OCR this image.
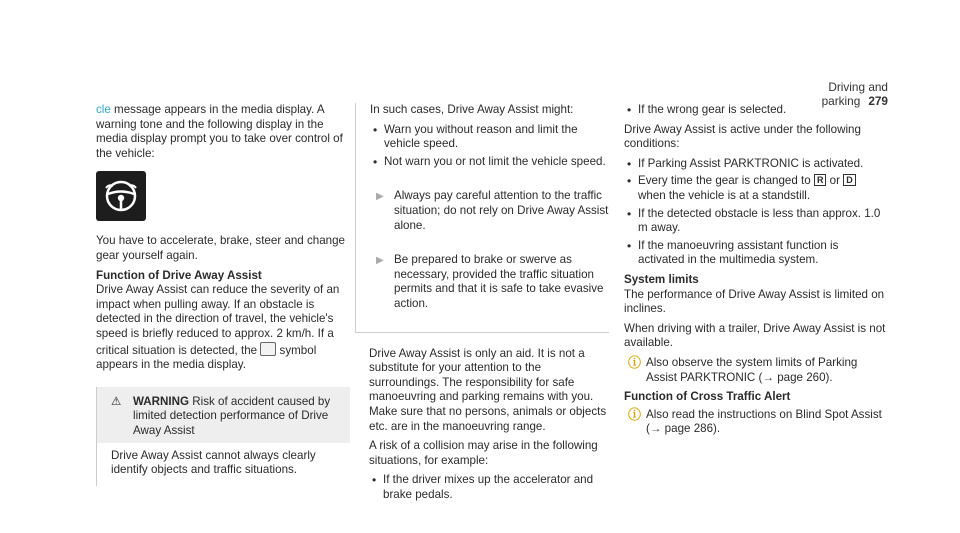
Driving and parking 279

cle message appears in the media display. A warning tone and the following display in the media display prompt you to take over control of the vehicle:

You have to accelerate, brake, steer and change gear yourself again.

Function of Drive Away Assist

Drive Away Assist can reduce the severity of an impact when pulling away. If an obstacle is detected in the direction of travel, the vehicle's speed is briefly reduced to approx. 2 km/h. If a critical situation is detected, the  symbol appears in the media display.

⚠ WARNING Risk of accident caused by limited detection performance of Drive Away Assist
Drive Away Assist cannot always clearly identify objects and traffic situations.

In such cases, Drive Away Assist might:

• Warn you without reason and limit the vehicle speed.
• Not warn you or not limit the vehicle speed.
▶ Always pay careful attention to the traffic situation; do not rely on Drive Away Assist alone.
▶ Be prepared to brake or swerve as necessary, provided the traffic situation permits and that it is safe to take evasive action.

Drive Away Assist is only an aid. It is not a substitute for your attention to the surroundings. The responsibility for safe manoeuvring and parking remains with you. Make sure that no persons, animals or objects etc. are in the manoeuvring range.

A risk of a collision may arise in the following situations, for example:

• If the driver mixes up the accelerator and brake pedals.
• If the wrong gear is selected.

Drive Away Assist is active under the following conditions:

• If Parking Assist PARKTRONIC is activated.
• Every time the gear is changed to R or D when the vehicle is at a standstill.
• If the detected obstacle is less than approx. 1.0 m away.
• If the manoeuvring assistant function is activated in the multimedia system.

System limits

The performance of Drive Away Assist is limited on inclines.

When driving with a trailer, Drive Away Assist is not available.

ⓘ Also observe the system limits of Parking Assist PARKTRONIC (→ page 260).

Function of Cross Traffic Alert

ⓘ Also read the instructions on Blind Spot Assist (→ page 286).
